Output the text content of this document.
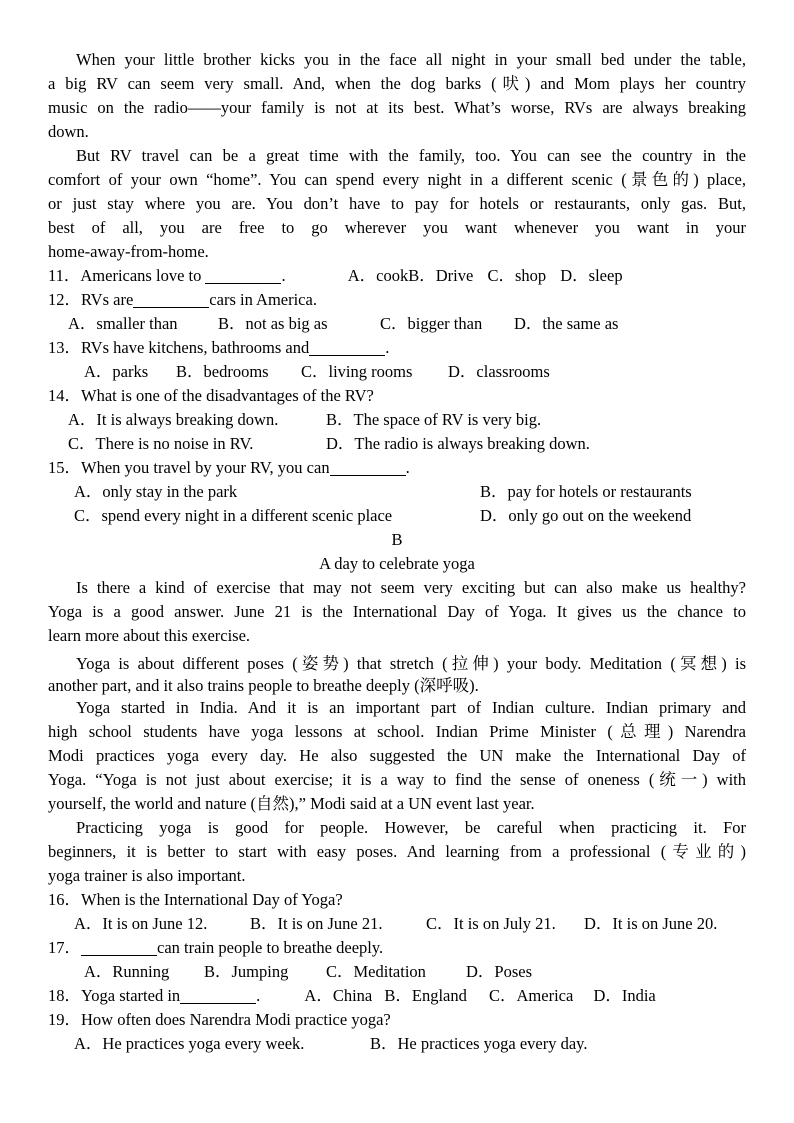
When your little brother kicks you in the face all night in your small bed under the table,
a big RV can seem very small. And, when the dog barks (吠) and Mom plays her country
music on the radio——your family is not at its best. What’s worse, RVs are always breaking
down.
But RV travel can be a great time with the family, too. You can see the country in the
comfort of your own “home”. You can spend every night in a different scenic (景色的) place,
or just stay where you are. You don’t have to pay for hotels or restaurants, only gas. But,
best of all, you are free to go wherever you want whenever you want in your
home-away-from-home.
11．Americans love to	.	A．cookB．Drive C．shop D．sleep
12．RVs are	cars in America.
A．smaller than B．not as big as	C．bigger than D．the same as
13．RVs have kitchens, bathrooms and	.
A．parks B．bedrooms C．living rooms D．classrooms
14．What is one of the disadvantages of the RV?
A．It is always breaking down.	B．The space of RV is very big.
C．There is no noise in RV.	D．The radio is always breaking down.
15．When you travel by your RV, you can	.
A．only stay in the park	B．pay for hotels or restaurants
C．spend every night in a different scenic place	D．only go out on the weekend
B
A day to celebrate yoga
Is there a kind of exercise that may not seem very exciting but can also make us healthy?
Yoga is a good answer. June 21 is the International Day of Yoga. It gives us the chance to
learn more about this exercise.
Yoga is about different poses (姿势) that stretch (拉伸) your body. Meditation (冥想) is
another part, and it also trains people to breathe deeply (深呼吸).
Yoga started in India. And it is an important part of Indian culture. Indian primary and
high school students have yoga lessons at school. Indian Prime Minister (总理) Narendra
Modi practices yoga every day. He also suggested the UN make the International Day of
Yoga. “Yoga is not just about exercise; it is a way to find the sense of oneness (统一) with
yourself, the world and nature (自然),” Modi said at a UN event last year.
Practicing yoga is good for people. However, be careful when practicing it. For
beginners, it is better to start with easy poses. And learning from a professional (专业的)
yoga trainer is also important.
16．When is the International Day of Yoga?
A．It is on June 12.	B．It is on June 21.	C．It is on July 21. D．It is on June 20.
17．	can train people to breathe deeply.
A．Running B．Jumping C．Meditation D．Poses
18．Yoga started in	.	A．China B．England C．America D．India
19．How often does Narendra Modi practice yoga?
A．He practices yoga every week.	B．He practices yoga every day.
